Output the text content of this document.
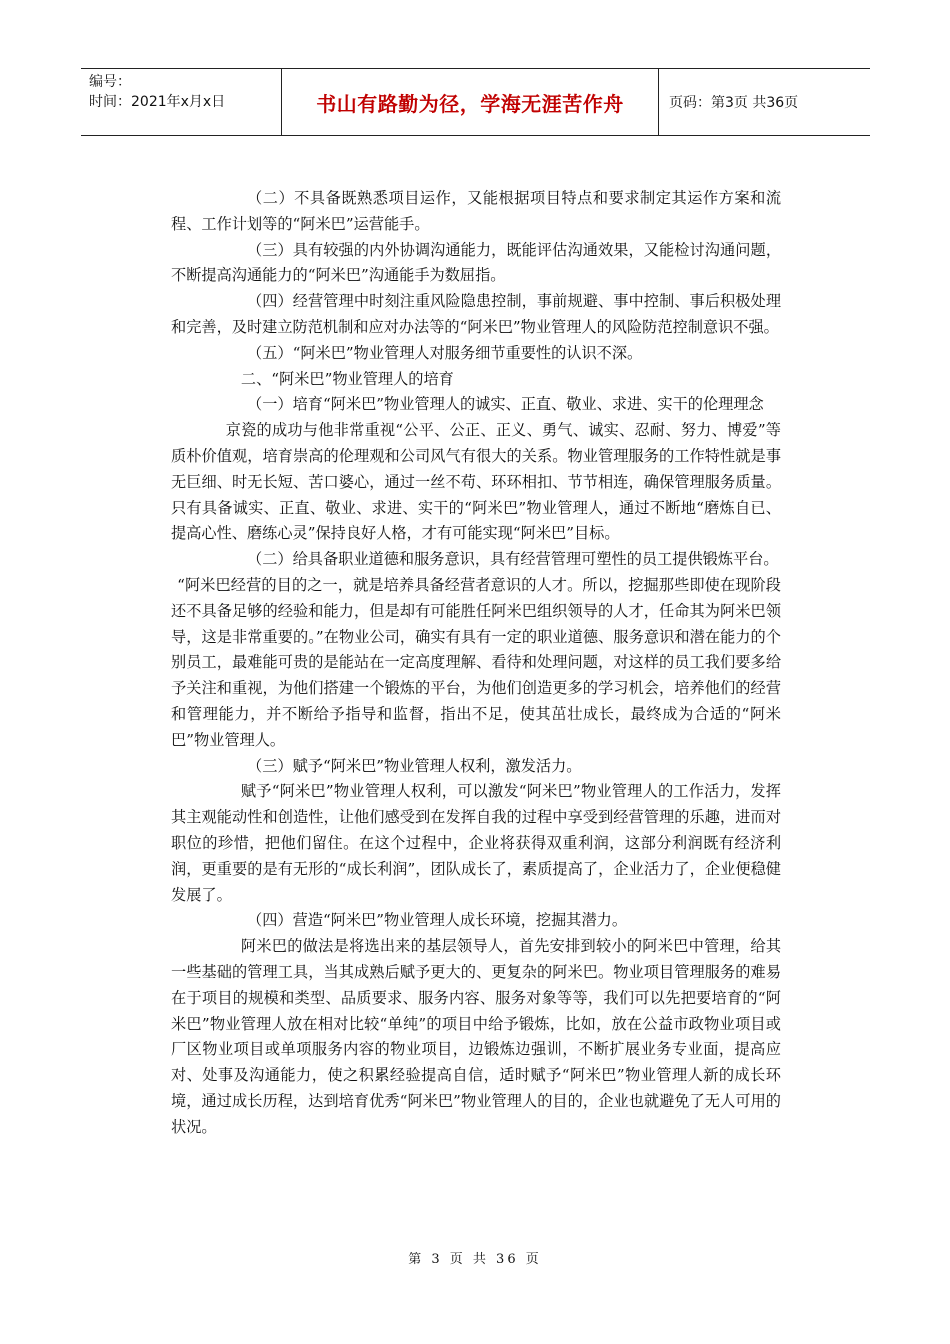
编号：
时间：2021年x月x日	书山有路勤为径，学海无涯苦作舟	页码：第3页 共36页

（二）不具备既熟悉项目运作，又能根据项目特点和要求制定其运作方案和流程、工作计划等的“阿米巴”运营能手。

（三）具有较强的内外协调沟通能力，既能评估沟通效果，又能检讨沟通问题，不断提高沟通能力的“阿米巴”沟通能手为数屈指。

（四）经营管理中时刻注重风险隐患控制，事前规避、事中控制、事后积极处理和完善，及时建立防范机制和应对办法等的“阿米巴”物业管理人的风险防范控制意识不强。

（五）“阿米巴”物业管理人对服务细节重要性的认识不深。

二、“阿米巴”物业管理人的培育

（一）培育“阿米巴”物业管理人的诚实、正直、敬业、求进、实干的伦理理念

京瓷的成功与他非常重视“公平、公正、正义、勇气、诚实、忍耐、努力、博爱”等质朴价值观，培育崇高的伦理观和公司风气有很大的关系。物业管理服务的工作特性就是事无巨细、时无长短、苦口婆心，通过一丝不苟、环环相扣、节节相连，确保管理服务质量。只有具备诚实、正直、敬业、求进、实干的“阿米巴”物业管理人，通过不断地“磨炼自已、提高心性、磨练心灵”保持良好人格，才有可能实现“阿米巴”目标。

（二）给具备职业道德和服务意识，具有经营管理可塑性的员工提供锻炼平台。

“阿米巴经营的目的之一，就是培养具备经营者意识的人才。所以，挖掘那些即使在现阶段还不具备足够的经验和能力，但是却有可能胜任阿米巴组织领导的人才，任命其为阿米巴领导，这是非常重要的。”在物业公司，确实有具有一定的职业道德、服务意识和潜在能力的个别员工，最难能可贵的是能站在一定高度理解、看待和处理问题，对这样的员工我们要多给予关注和重视，为他们搭建一个锻炼的平台，为他们创造更多的学习机会，培养他们的经营和管理能力，并不断给予指导和监督，指出不足，使其茁壮成长，最终成为合适的“阿米巴”物业管理人。

（三）赋予“阿米巴”物业管理人权利，激发活力。

赋予“阿米巴”物业管理人权利，可以激发“阿米巴”物业管理人的工作活力，发挥其主观能动性和创造性，让他们感受到在发挥自我的过程中享受到经营管理的乐趣，进而对职位的珍惜，把他们留住。在这个过程中，企业将获得双重利润，这部分利润既有经济利润，更重要的是有无形的“成长利润”，团队成长了，素质提高了，企业活力了，企业便稳健发展了。

（四）营造“阿米巴”物业管理人成长环境，挖掘其潜力。

阿米巴的做法是将选出来的基层领导人，首先安排到较小的阿米巴中管理，给其一些基础的管理工具，当其成熟后赋予更大的、更复杂的阿米巴。物业项目管理服务的难易在于项目的规模和类型、品质要求、服务内容、服务对象等等，我们可以先把要培育的“阿米巴”物业管理人放在相对比较“单纯”的项目中给予锻炼，比如，放在公益市政物业项目或厂区物业项目或单项服务内容的物业项目，边锻炼边强训，不断扩展业务专业面，提高应对、处事及沟通能力，使之积累经验提高自信，适时赋予“阿米巴”物业管理人新的成长环境，通过成长历程，达到培育优秀“阿米巴”物业管理人的目的，企业也就避免了无人可用的状况。

第 3 页 共 36 页
